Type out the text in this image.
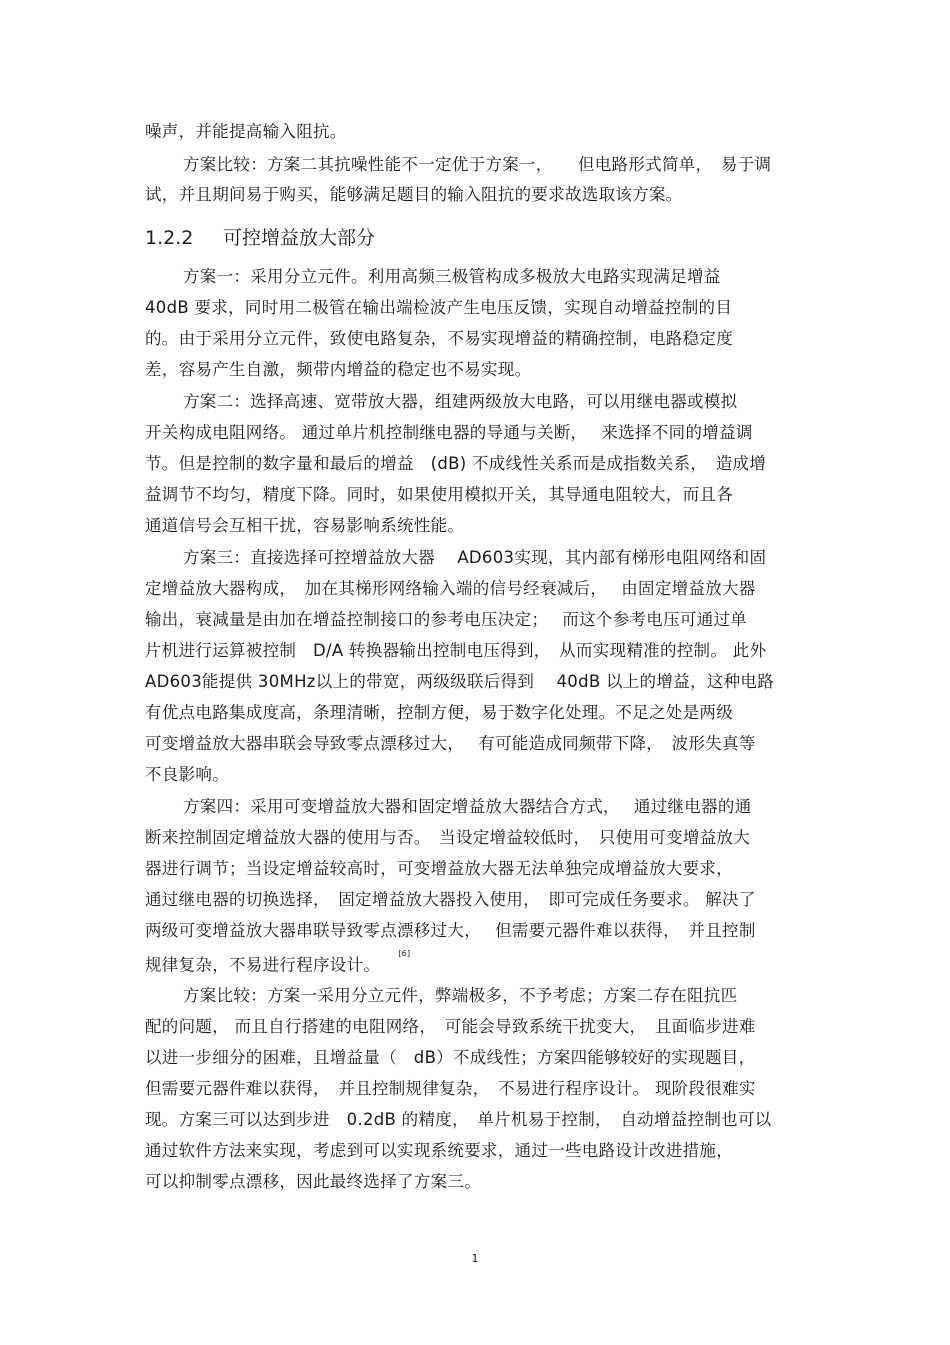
噪声，并能提高输入阻抗。
方案比较：方案二其抗噪性能不一定优于方案一，　　但电路形式简单，　易于调
试，并且期间易于购买，能够满足题目的输入阻抗的要求故选取该方案。
1.2.2 可控增益放大部分
方案一：采用分立元件。利用高频三极管构成多极放大电路实现满足增益
40dB 要求，同时用二极管在输出端检波产生电压反馈，实现自动增益控制的目
的。由于采用分立元件，致使电路复杂，不易实现增益的精确控制，电路稳定度
差，容易产生自激，频带内增益的稳定也不易实现。
方案二：选择高速、宽带放大器，组建两级放大电路，可以用继电器或模拟
开关构成电阻网络。 通过单片机控制继电器的导通与关断，　 来选择不同的增益调
节。但是控制的数字量和最后的增益　(dB) 不成线性关系而是成指数关系，　造成增
益调节不均匀，精度下降。同时，如果使用模拟开关，其导通电阻较大，而且各
通道信号会互相干扰，容易影响系统性能。
方案三：直接选择可控增益放大器　 AD603实现，其内部有梯形电阻网络和固
定增益放大器构成，　加在其梯形网络输入端的信号经衰减后，　 由固定增益放大器
输出，衰减量是由加在增益控制接口的参考电压决定；　 而这个参考电压可通过单
片机进行运算被控制　D/A 转换器输出控制电压得到，　从而实现精准的控制。 此外
AD603能提供 30MHz以上的带宽，两级级联后得到　 40dB 以上的增益，这种电路
有优点电路集成度高，条理清晰，控制方便，易于数字化处理。不足之处是两级
可变增益放大器串联会导致零点漂移过大，　 有可能造成同频带下降，　波形失真等
不良影响。
方案四：采用可变增益放大器和固定增益放大器结合方式，　 通过继电器的通
断来控制固定增益放大器的使用与否。　当设定增益较低时，　只使用可变增益放大
器进行调节；当设定增益较高时，可变增益放大器无法单独完成增益放大要求，
通过继电器的切换选择，　固定增益放大器投入使用，　即可完成任务要求。 解决了
两级可变增益放大器串联导致零点漂移过大，　 但需要元器件难以获得，　并且控制
规律复杂，不易进行程序设计。[6]
方案比较：方案一采用分立元件，弊端极多，不予考虑；方案二存在阻抗匹
配的问题， 而且自行搭建的电阻网络，　可能会导致系统干扰变大，　且面临步进难
以进一步细分的困难，且增益量（　dB）不成线性；方案四能够较好的实现题目，
但需要元器件难以获得，　并且控制规律复杂，　不易进行程序设计。 现阶段很难实
现。方案三可以达到步进　0.2dB 的精度，　单片机易于控制，　自动增益控制也可以
通过软件方法来实现，考虑到可以实现系统要求，通过一些电路设计改进措施，
可以抑制零点漂移，因此最终选择了方案三。
1
